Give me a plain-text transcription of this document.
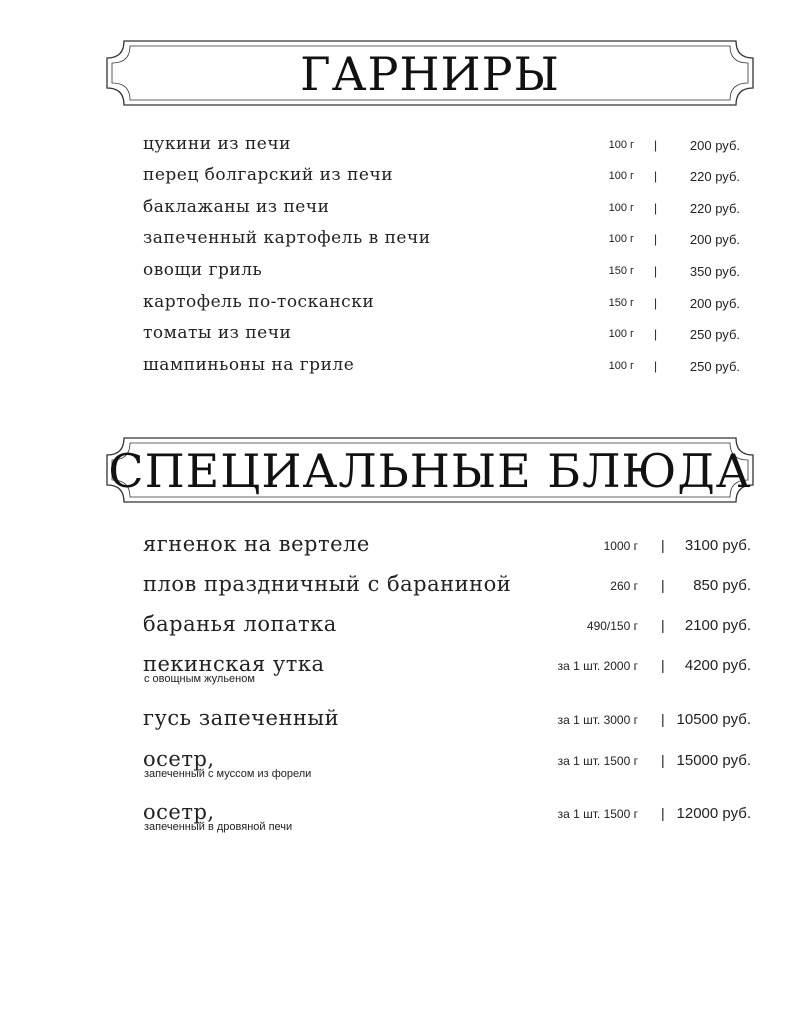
ГАРНИРЫ
цукини из печи	100 г |	200 руб.
перец болгарский из печи	100 г |	220 руб.
баклажаны из печи	100 г |	220 руб.
запеченный картофель в печи	100 г |	200 руб.
овощи гриль	150 г |	350 руб.
картофель по-тоскански	150 г |	200 руб.
томаты из печи	100 г |	250 руб.
шампиньоны на гриле	100 г |	250 руб.
СПЕЦИАЛЬНЫЕ БЛЮДА
ягненок на вертеле	1000 г | 3100 руб.
плов праздничный с бараниной	260 г | 850 руб.
баранья лопатка	490/150 г | 2100 руб.
пекинская утка
с овощным жульеном
за 1 шт. 2000 г | 4200 руб.
гусь запеченный	за 1 шт. 3000 г | 10500 руб.
осетр,
запеченный с муссом из форели
за 1 шт. 1500 г | 15000 руб.
осетр,
запеченный в дровяной печи
за 1 шт. 1500 г | 12000 руб.
